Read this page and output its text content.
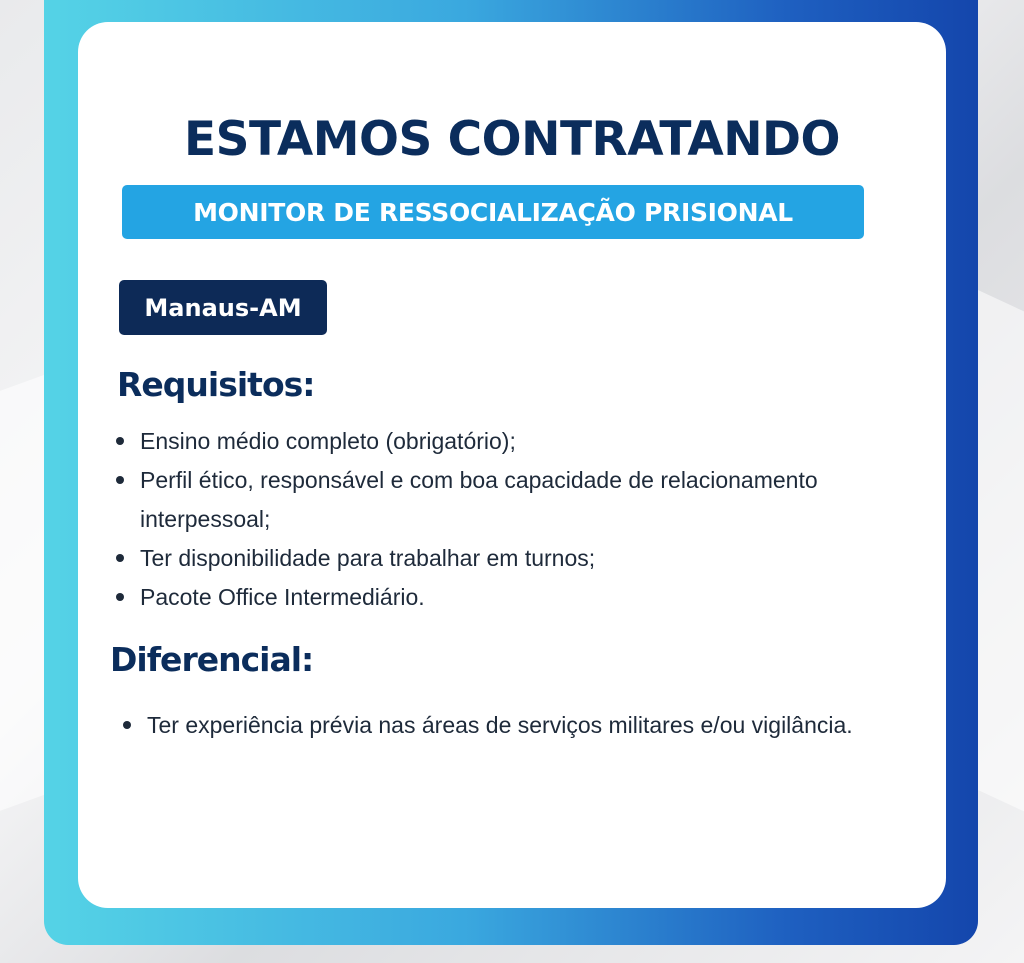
ESTAMOS CONTRATANDO
MONITOR DE RESSOCIALIZAÇÃO PRISIONAL
Manaus-AM
Requisitos:
Ensino médio completo (obrigatório);
Perfil ético, responsável e com boa capacidade de relacionamento interpessoal;
Ter disponibilidade para trabalhar em turnos;
Pacote Office Intermediário.
Diferencial:
Ter experiência prévia nas áreas de serviços militares e/ou vigilância.
